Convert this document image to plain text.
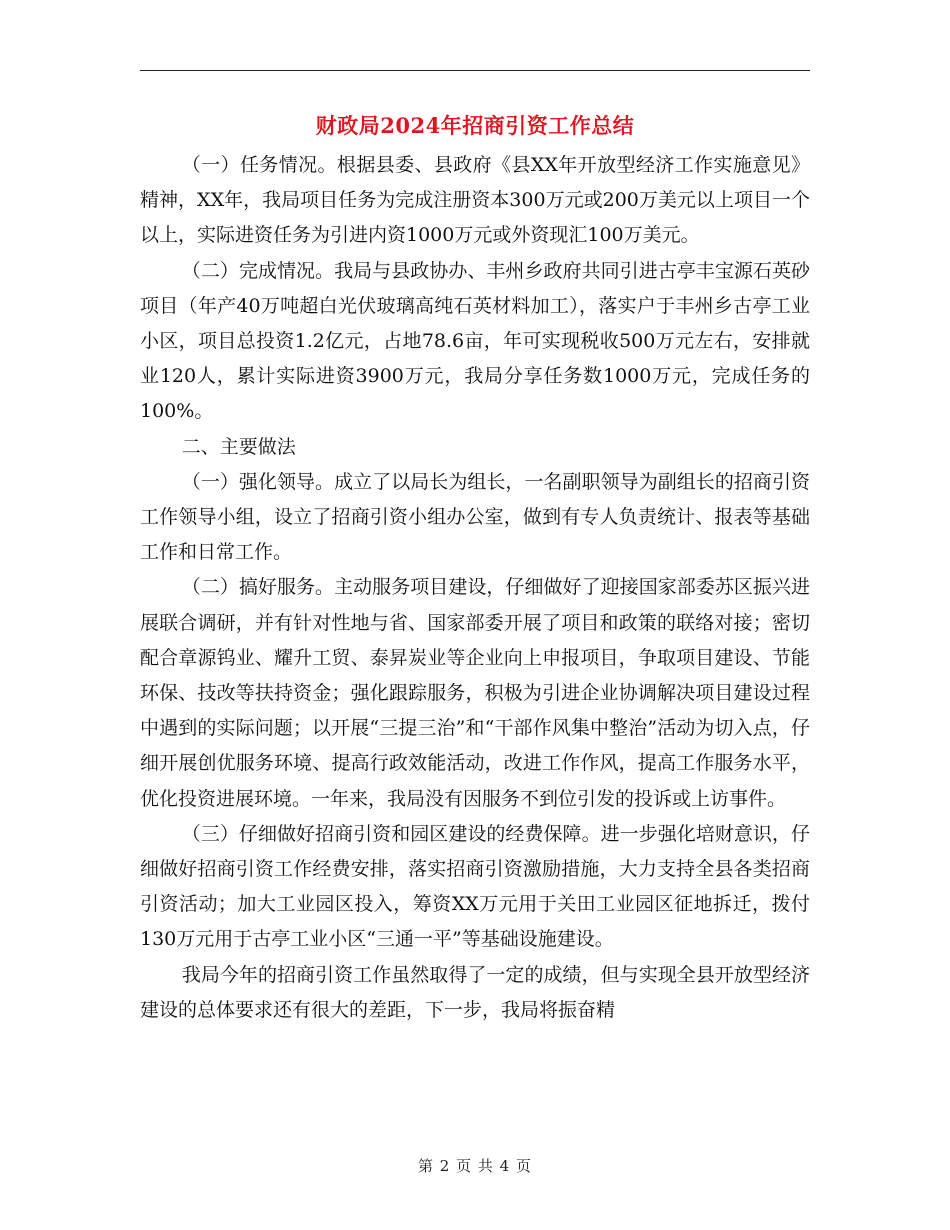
财政局2024年招商引资工作总结

（一）任务情况。根据县委、县政府《县XX年开放型经济工作实施意见》精神，XX年，我局项目任务为完成注册资本300万元或200万美元以上项目一个以上，实际进资任务为引进内资1000万元或外资现汇100万美元。

（二）完成情况。我局与县政协办、丰州乡政府共同引进古亭丰宝源石英砂项目（年产40万吨超白光伏玻璃高纯石英材料加工），落实户于丰州乡古亭工业小区，项目总投资1.2亿元，占地78.6亩，年可实现税收500万元左右，安排就业120人，累计实际进资3900万元，我局分享任务数1000万元，完成任务的100%。

二、主要做法

（一）强化领导。成立了以局长为组长，一名副职领导为副组长的招商引资工作领导小组，设立了招商引资小组办公室，做到有专人负责统计、报表等基础工作和日常工作。

（二）搞好服务。主动服务项目建设，仔细做好了迎接国家部委苏区振兴进展联合调研，并有针对性地与省、国家部委开展了项目和政策的联络对接；密切配合章源钨业、耀升工贸、泰昇炭业等企业向上申报项目，争取项目建设、节能环保、技改等扶持资金；强化跟踪服务，积极为引进企业协调解决项目建设过程中遇到的实际问题；以开展“三提三治”和“干部作风集中整治”活动为切入点，仔细开展创优服务环境、提高行政效能活动，改进工作作风，提高工作服务水平，优化投资进展环境。一年来，我局没有因服务不到位引发的投诉或上访事件。

（三）仔细做好招商引资和园区建设的经费保障。进一步强化培财意识，仔细做好招商引资工作经费安排，落实招商引资激励措施，大力支持全县各类招商引资活动；加大工业园区投入，筹资XX万元用于关田工业园区征地拆迁，拨付130万元用于古亭工业小区“三通一平”等基础设施建设。

我局今年的招商引资工作虽然取得了一定的成绩，但与实现全县开放型经济建设的总体要求还有很大的差距，下一步，我局将振奋精

第 2 页 共 4 页
